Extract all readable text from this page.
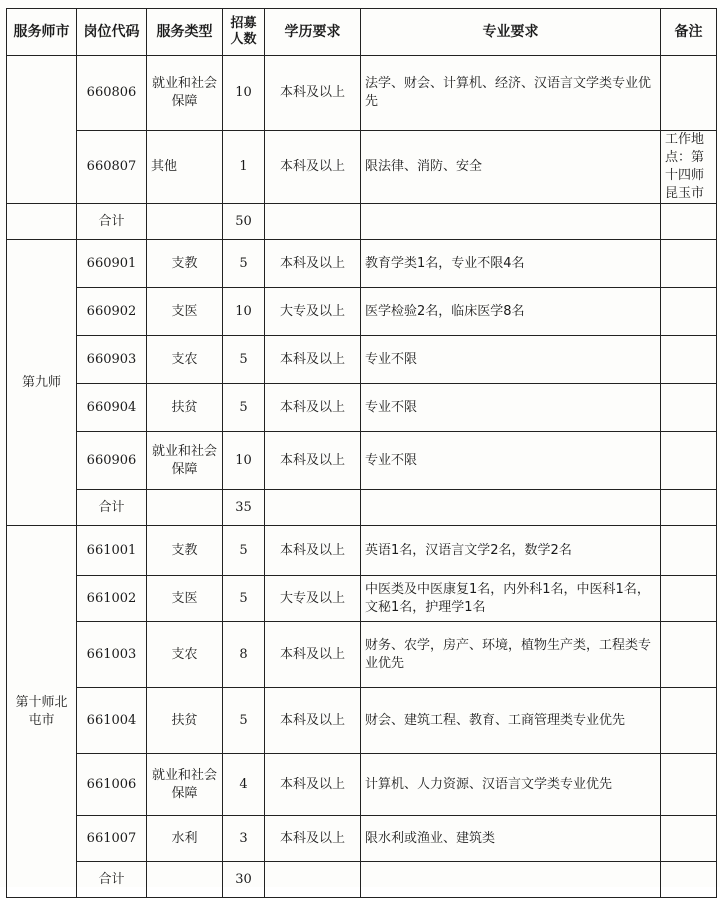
服务师市	岗位代码	服务类型	招募人数	学历要求	专业要求	备注
	660806	就业和社会保障	10	本科及以上	法学、财会、计算机、经济、汉语言文学类专业优先	
	660807	其他	1	本科及以上	限法律、消防、安全	工作地点：第十四师昆玉市
	合计		50			
第九师	660901	支教	5	本科及以上	教育学类1名，专业不限4名	
	660902	支医	10	大专及以上	医学检验2名，临床医学8名	
	660903	支农	5	本科及以上	专业不限	
	660904	扶贫	5	本科及以上	专业不限	
	660906	就业和社会保障	10	本科及以上	专业不限	
	合计		35			
第十师北屯市	661001	支教	5	本科及以上	英语1名，汉语言文学2名，数学2名	
	661002	支医	5	大专及以上	中医类及中医康复1名，内外科1名，中医科1名，文秘1名，护理学1名	
	661003	支农	8	本科及以上	财务、农学，房产、环境，植物生产类，工程类专业优先	
	661004	扶贫	5	本科及以上	财会、建筑工程、教育、工商管理类专业优先	
	661006	就业和社会保障	4	本科及以上	计算机、人力资源、汉语言文学类专业优先	
	661007	水利	3	本科及以上	限水利或渔业、建筑类	
	合计		30			
